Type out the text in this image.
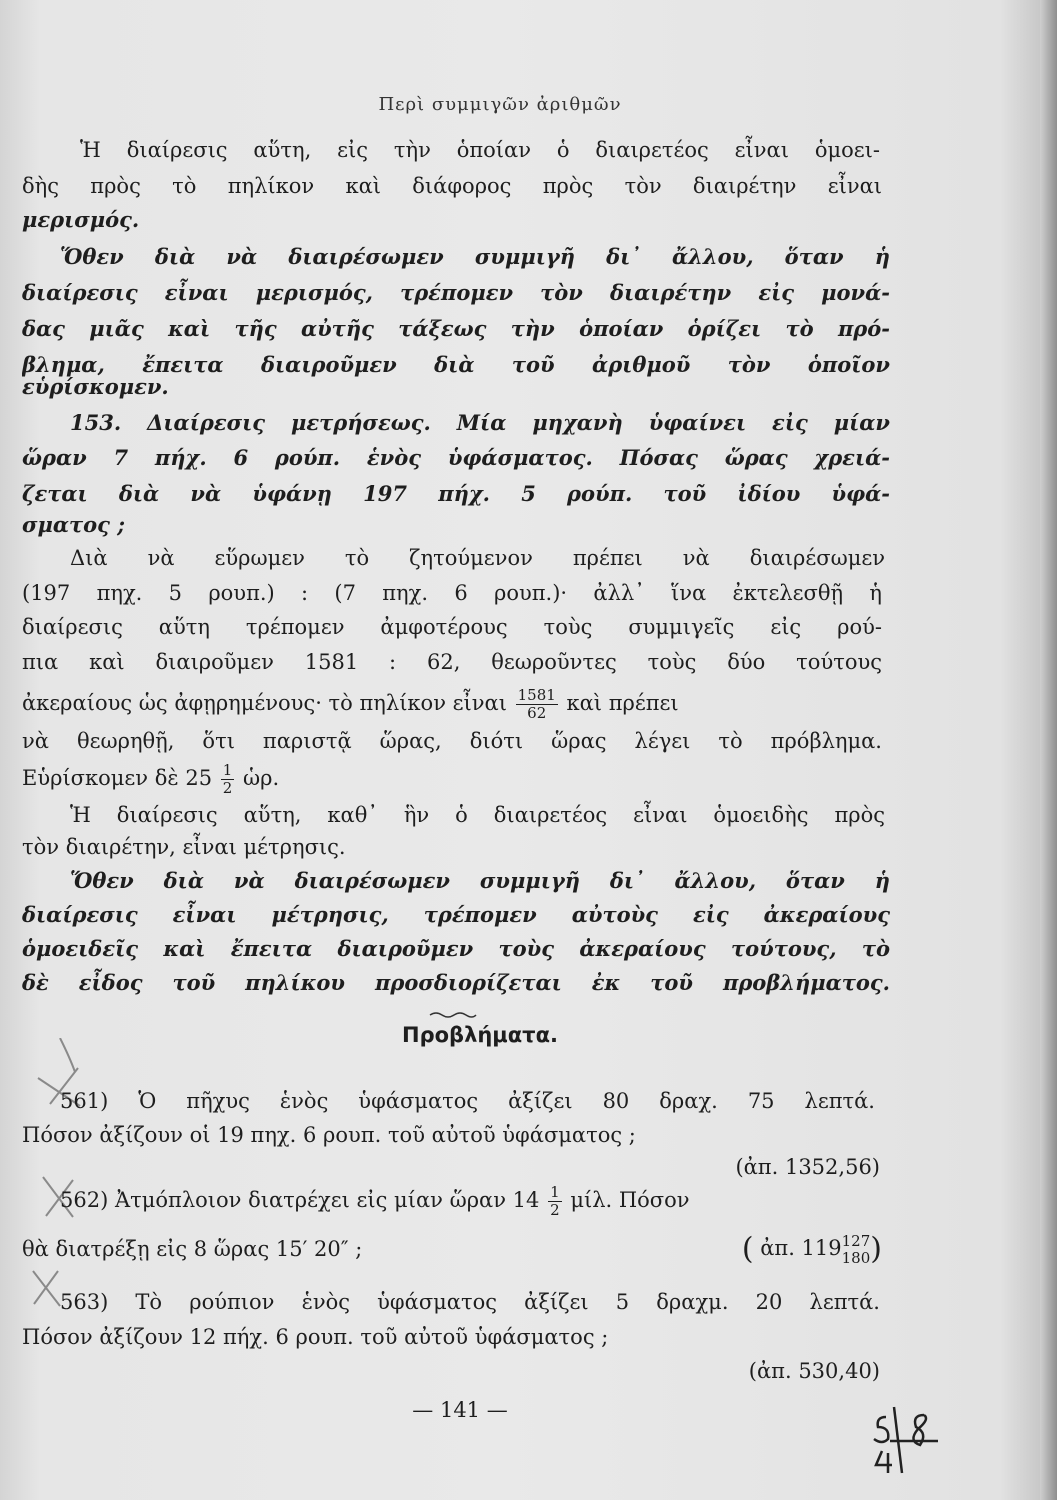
Περὶ συμμιγῶν ἀριθμῶν
Ἡ διαίρεσις αὕτη, εἰς τὴν ὁποίαν ὁ διαιρετέος εἶναι ὁμοει-
δὴς πρὸς τὸ πηλίκον καὶ διάφορος πρὸς τὸν διαιρέτην εἶναι
μερισμός.
Ὅθεν διὰ νὰ διαιρέσωμεν συμμιγῆ δι᾽ ἄλλου, ὅταν ἡ
διαίρεσις εἶναι μερισμός, τρέπομεν τὸν διαιρέτην εἰς μονά-
δας μιᾶς καὶ τῆς αὐτῆς τάξεως τὴν ὁποίαν ὁρίζει τὸ πρό-
βλημα, ἔπειτα διαιροῦμεν διὰ τοῦ ἀριθμοῦ τὸν ὁποῖον
εὑρίσκομεν.
153. Διαίρεσις μετρήσεως. Μία μηχανὴ ὑφαίνει εἰς μίαν
ὥραν 7 πήχ. 6 ρούπ. ἑνὸς ὑφάσματος. Πόσας ὥρας χρειά-
ζεται διὰ νὰ ὑφάνῃ 197 πήχ. 5 ρούπ. τοῦ ἰδίου ὑφά-
σματος ;
Διὰ νὰ εὕρωμεν τὸ ζητούμενον πρέπει νὰ διαιρέσωμεν
(197 πηχ. 5 ρουπ.) : (7 πηχ. 6 ρουπ.)· ἀλλ᾽ ἵνα ἐκτελεσθῇ ἡ
διαίρεσις αὕτη τρέπομεν ἀμφοτέρους τοὺς συμμιγεῖς εἰς ρού-
πια καὶ διαιροῦμεν 1581 : 62, θεωροῦντες τοὺς δύο τούτους
ἀκεραίους ὡς ἀφῃρημένους· τὸ πηλίκον εἶναι $\frac{1581}{62}$ καὶ πρέπει
νὰ θεωρηθῇ, ὅτι παριστᾷ ὥρας, διότι ὥρας λέγει τὸ πρόβλημα.
Εὑρίσκομεν δὲ $25 \frac{1}{2}$ ὡρ.
Ἡ διαίρεσις αὕτη, καθ᾽ ἣν ὁ διαιρετέος εἶναι ὁμοειδὴς πρὸς
τὸν διαιρέτην, εἶναι μέτρησις.
Ὅθεν διὰ νὰ διαιρέσωμεν συμμιγῆ δι᾽ ἄλλου, ὅταν ἡ
διαίρεσις εἶναι μέτρησις, τρέπομεν αὐτοὺς εἰς ἀκεραίους
ὁμοειδεῖς καὶ ἔπειτα διαιροῦμεν τοὺς ἀκεραίους τούτους, τὸ
δὲ εἶδος τοῦ πηλίκου προσδιορίζεται ἐκ τοῦ προβλήματος.
Προβλήματα.
561) Ὁ πῆχυς ἑνὸς ὑφάσματος ἀξίζει 80 δραχ. 75 λεπτά.
Πόσον ἀξίζουν οἱ 19 πηχ. 6 ρουπ. τοῦ αὐτοῦ ὑφάσματος ;
(ἀπ. 1352,56)
562) Ἀτμόπλοιον διατρέχει εἰς μίαν ὥραν $14 \frac{1}{2} \mu ί\lambda$. Πόσον
θὰ διατρέξῃ εἰς 8 ὥρας 15′ 20″ ;	( ἀπ. 119 127
180 )
563) Τὸ ρούπιον ἑνὸς ὑφάσματος ἀξίζει 5 δραχμ. 20 λεπτά.
Πόσον ἀξίζουν 12 πήχ. 6 ρουπ. τοῦ αὐτοῦ ὑφάσματος ;
(ἀπ. 530,40)
— 141 —
